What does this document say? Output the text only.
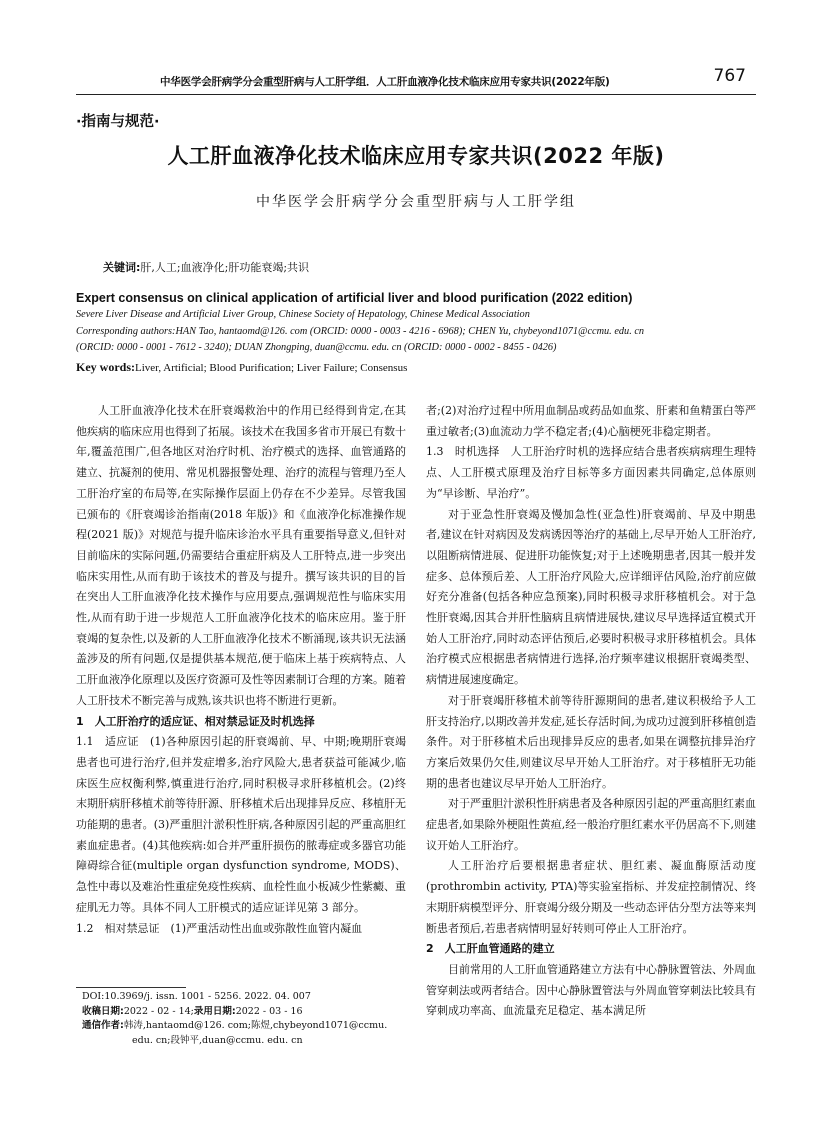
中华医学会肝病学分会重型肝病与人工肝学组．人工肝血液净化技术临床应用专家共识(2022年版)	767
·指南与规范·
人工肝血液净化技术临床应用专家共识(2022 年版)
中华医学会肝病学分会重型肝病与人工肝学组
关键词:肝,人工;血液净化;肝功能衰竭;共识
Expert consensus on clinical application of artificial liver and blood purification (2022 edition)
Severe Liver Disease and Artificial Liver Group, Chinese Society of Hepatology, Chinese Medical Association
Corresponding authors:HAN Tao, hantaomd@126. com (ORCID: 0000 - 0003 - 4216 - 6968); CHEN Yu, chybeyond1071@ccmu. edu. cn
(ORCID: 0000 - 0001 - 7612 - 3240); DUAN Zhongping, duan@ccmu. edu. cn (ORCID: 0000 - 0002 - 8455 - 0426)
Key words:Liver, Artificial; Blood Purification; Liver Failure; Consensus

人工肝血液净化技术在肝衰竭救治中的作用已经得到肯定,在其他疾病的临床应用也得到了拓展。该技术在我国多省市开展已有数十年,覆盖范围广,但各地区对治疗时机、治疗模式的选择、血管通路的建立、抗凝剂的使用、常见机器报警处理、治疗的流程与管理乃至人工肝治疗室的布局等,在实际操作层面上仍存在不少差异。尽管我国已颁布的《肝衰竭诊治指南(2018 年版)》和《血液净化标准操作规程(2021 版)》对规范与提升临床诊治水平具有重要指导意义,但针对目前临床的实际问题,仍需要结合重症肝病及人工肝特点,进一步突出临床实用性,从而有助于该技术的普及与提升。撰写该共识的目的旨在突出人工肝血液净化技术操作与应用要点,强调规范性与临床实用性,从而有助于进一步规范人工肝血液净化技术的临床应用。鉴于肝衰竭的复杂性,以及新的人工肝血液净化技术不断涌现,该共识无法涵盖涉及的所有问题,仅是提供基本规范,便于临床上基于疾病特点、人工肝血液净化原理以及医疗资源可及性等因素制订合理的方案。随着人工肝技术不断完善与成熟,该共识也将不断进行更新。

1　人工肝治疗的适应证、相对禁忌证及时机选择

1.1　适应证　(1)各种原因引起的肝衰竭前、早、中期;晚期肝衰竭患者也可进行治疗,但并发症增多,治疗风险大,患者获益可能减少,临床医生应权衡利弊,慎重进行治疗,同时积极寻求肝移植机会。(2)终末期肝病肝移植术前等待肝源、肝移植术后出现排异反应、移植肝无功能期的患者。(3)严重胆汁淤积性肝病,各种原因引起的严重高胆红素血症患者。(4)其他疾病:如合并严重肝损伤的脓毒症或多器官功能障碍综合征(multiple organ dysfunction syndrome, MODS)、急性中毒以及难治性重症免疫性疾病、血栓性血小板减少性紫癜、重症肌无力等。具体不同人工肝模式的适应证详见第 3 部分。

1.2　相对禁忌证　(1)严重活动性出血或弥散性血管内凝血

者;(2)对治疗过程中所用血制品或药品如血浆、肝素和鱼精蛋白等严重过敏者;(3)血流动力学不稳定者;(4)心脑梗死非稳定期者。

1.3　时机选择　人工肝治疗时机的选择应结合患者疾病病理生理特点、人工肝模式原理及治疗目标等多方面因素共同确定,总体原则为“早诊断、早治疗”。

对于亚急性肝衰竭及慢加急性(亚急性)肝衰竭前、早及中期患者,建议在针对病因及发病诱因等治疗的基础上,尽早开始人工肝治疗,以阻断病情进展、促进肝功能恢复;对于上述晚期患者,因其一般并发症多、总体预后差、人工肝治疗风险大,应详细评估风险,治疗前应做好充分准备(包括各种应急预案),同时积极寻求肝移植机会。对于急性肝衰竭,因其合并肝性脑病且病情进展快,建议尽早选择适宜模式开始人工肝治疗,同时动态评估预后,必要时积极寻求肝移植机会。具体治疗模式应根据患者病情进行选择,治疗频率建议根据肝衰竭类型、病情进展速度确定。

对于肝衰竭肝移植术前等待肝源期间的患者,建议积极给予人工肝支持治疗,以期改善并发症,延长存活时间,为成功过渡到肝移植创造条件。对于肝移植术后出现排异反应的患者,如果在调整抗排异治疗方案后效果仍欠佳,则建议尽早开始人工肝治疗。对于移植肝无功能期的患者也建议尽早开始人工肝治疗。

对于严重胆汁淤积性肝病患者及各种原因引起的严重高胆红素血症患者,如果除外梗阻性黄疸,经一般治疗胆红素水平仍居高不下,则建议开始人工肝治疗。

人工肝治疗后要根据患者症状、胆红素、凝血酶原活动度(prothrombin activity, PTA)等实验室指标、并发症控制情况、终末期肝病模型评分、肝衰竭分级分期及一些动态评估分型方法等来判断患者预后,若患者病情明显好转则可停止人工肝治疗。

2　人工肝血管通路的建立

目前常用的人工肝血管通路建立方法有中心静脉置管法、外周血管穿刺法或两者结合。因中心静脉置管法与外周血管穿刺法比较具有穿刺成功率高、血流量充足稳定、基本满足所

DOI:10.3969/j. issn. 1001 - 5256. 2022. 04. 007
收稿日期:2022 - 02 - 14;录用日期:2022 - 03 - 16
通信作者:韩涛,hantaomd@126. com;陈煜,chybeyond1071@ccmu.
edu. cn;段钟平,duan@ccmu. edu. cn
